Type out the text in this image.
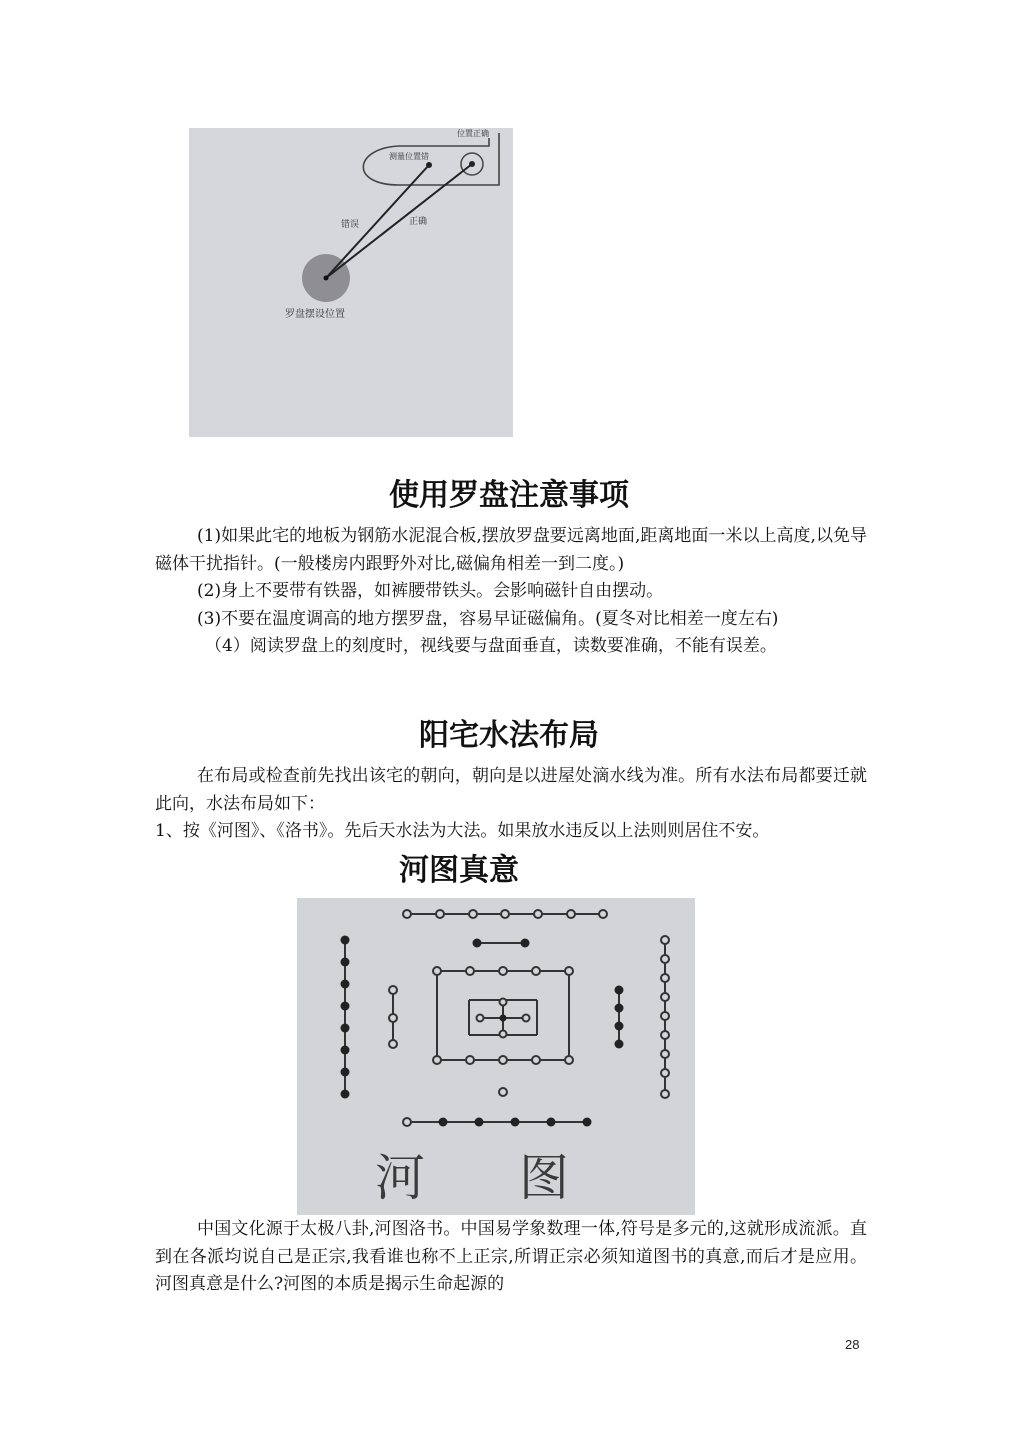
位置正确
测量位置错
错误	正确
罗盘摆设位置
使用罗盘注意事项

(1)如果此宅的地板为钢筋水泥混合板,摆放罗盘要远离地面,距离地面一米以上高度,以免导磁体干扰指针。(一般楼房内跟野外对比,磁偏角相差一到二度。)

(2)身上不要带有铁器，如裤腰带铁头。会影响磁针自由摆动。

(3)不要在温度调高的地方摆罗盘，容易早证磁偏角。(夏冬对比相差一度左右)

（4）阅读罗盘上的刻度时，视线要与盘面垂直，读数要准确，不能有误差。

阳宅水法布局

在布局或检查前先找出该宅的朝向，朝向是以进屋处滴水线为准。所有水法布局都要迁就此向，水法布局如下：

1、按《河图》、《洛书》。先后天水法为大法。如果放水违反以上法则则居住不安。

河图真意
河 图

中国文化源于太极八卦,河图洛书。中国易学象数理一体,符号是多元的,这就形成流派。直到在各派均说自己是正宗,我看谁也称不上正宗,所谓正宗必须知道图书的真意,而后才是应用。河图真意是什么?河图的本质是揭示生命起源的

28
